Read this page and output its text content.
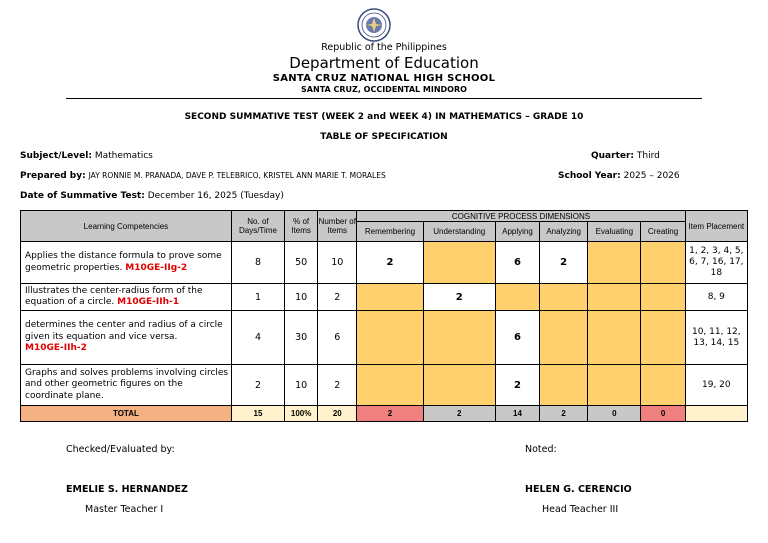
Republic of the Philippines
Department of Education
SANTA CRUZ NATIONAL HIGH SCHOOL
SANTA CRUZ, OCCIDENTAL MINDORO
SECOND SUMMATIVE TEST (WEEK 2 and WEEK 4) IN MATHEMATICS – GRADE 10
TABLE OF SPECIFICATION
Subject/Level: Mathematics	Quarter: Third
Prepared by: JAY RONNIE M. PRANADA, DAVE P. TELEBRICO, KRISTEL ANN MARIE T. MORALES	School Year: 2025 – 2026
Date of Summative Test: December 16, 2025 (Tuesday)
Learning Competencies	No. of Days/Time	% of Items	Number of Items	COGNITIVE PROCESS DIMENSIONS						Item Placement
				Remembering	Understanding	Applying	Analyzing	Evaluating	Creating	
Applies the distance formula to prove some geometric properties. M10GE-IIg-2	8	50	10	2		6	2			1, 2, 3, 4, 5, 6, 7, 16, 17, 18
Illustrates the center-radius form of the equation of a circle. M10GE-IIh-1	1	10	2		2					8, 9
determines the center and radius of a circle given its equation and vice versa.
M10GE-IIh-2	4	30	6			6				10, 11, 12, 13, 14, 15
Graphs and solves problems involving circles and other geometric figures on the coordinate plane.	2	10	2			2				19, 20
TOTAL	15	100%	20	2	2	14	2	0	0	
Checked/Evaluated by:	Noted:
EMELIE S. HERNANDEZ	HELEN G. CERENCIO
Master Teacher I	Head Teacher III
